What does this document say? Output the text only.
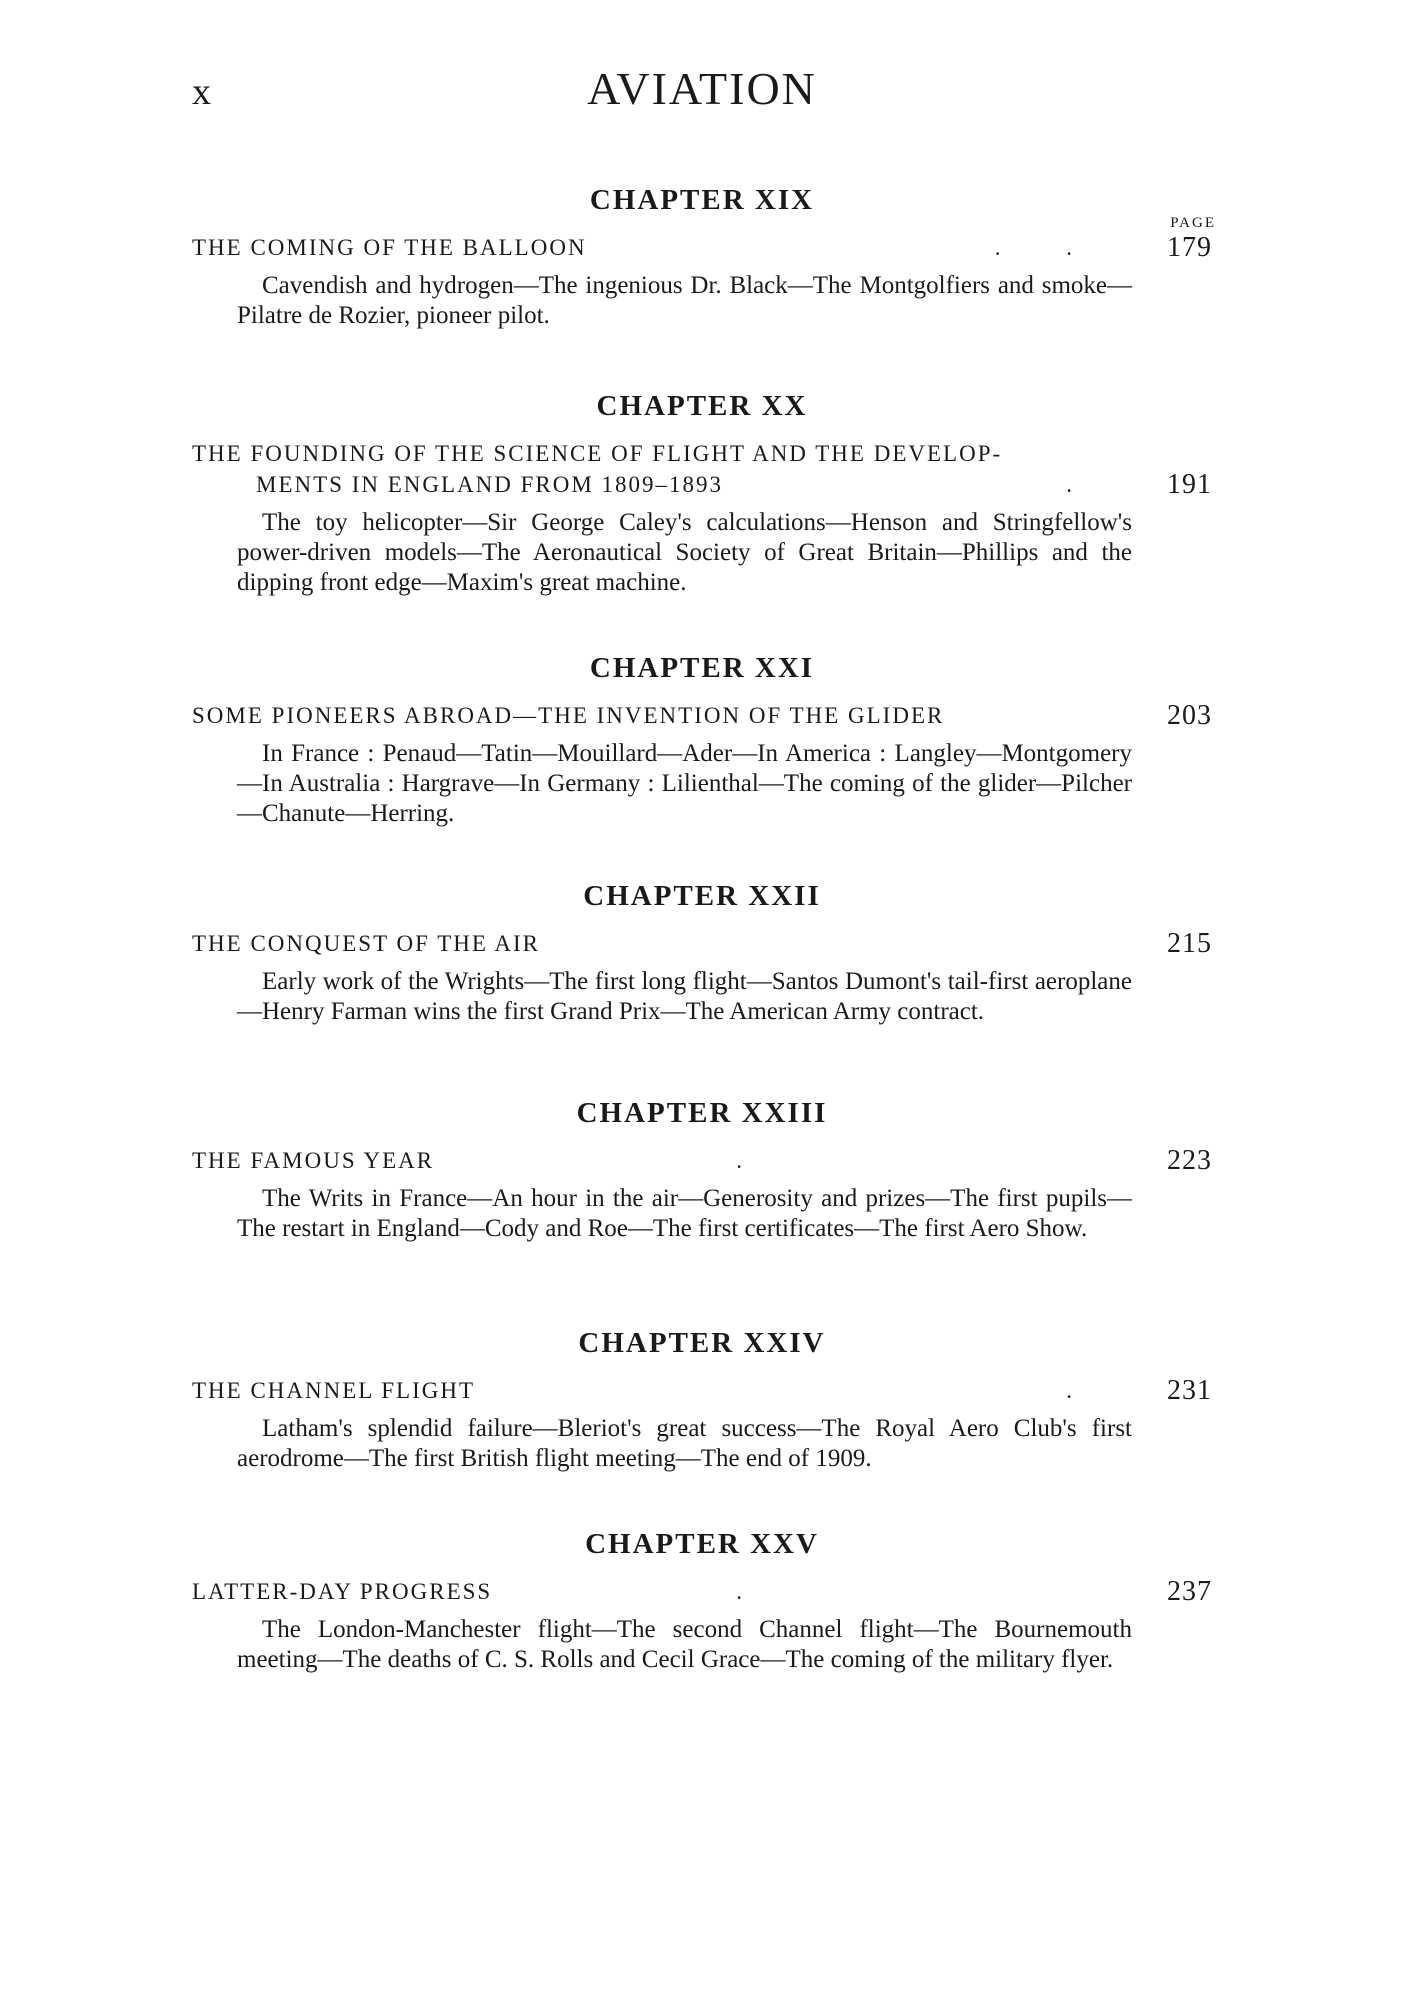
x	AVIATION
PAGE
CHAPTER XIX
THE COMING OF THE BALLOON	. . 179

Cavendish and hydrogen—The ingenious Dr. Black—The Montgolfiers and smoke—Pilatre de Rozier, pioneer pilot.

CHAPTER XX
THE FOUNDING OF THE SCIENCE OF FLIGHT AND THE DEVELOP-
MENTS IN ENGLAND FROM 1809–1893	. 191

The toy helicopter—Sir George Caley's calculations—Henson and Stringfellow's power-driven models—The Aeronautical Society of Great Britain—Phillips and the dipping front edge—Maxim's great machine.

CHAPTER XXI
SOME PIONEERS ABROAD—THE INVENTION OF THE GLIDER	203

In France : Penaud—Tatin—Mouillard—Ader—In America : Langley—Montgomery—In Australia : Hargrave—In Germany : Lilienthal—The coming of the glider—Pilcher—Chanute—Herring.

CHAPTER XXII
THE CONQUEST OF THE AIR	215

Early work of the Wrights—The first long flight—Santos Dumont's tail-first aeroplane—Henry Farman wins the first Grand Prix—The American Army contract.

CHAPTER XXIII
THE FAMOUS YEAR	.	223

The Writs in France—An hour in the air—Generosity and prizes—The first pupils—The restart in England—Cody and Roe—The first certificates—The first Aero Show.

CHAPTER XXIV
THE CHANNEL FLIGHT	. 231

Latham's splendid failure—Bleriot's great success—The Royal Aero Club's first aerodrome—The first British flight meeting—The end of 1909.

CHAPTER XXV
LATTER-DAY PROGRESS	.	237

The London-Manchester flight—The second Channel flight—The Bournemouth meeting—The deaths of C. S. Rolls and Cecil Grace—The coming of the military flyer.
